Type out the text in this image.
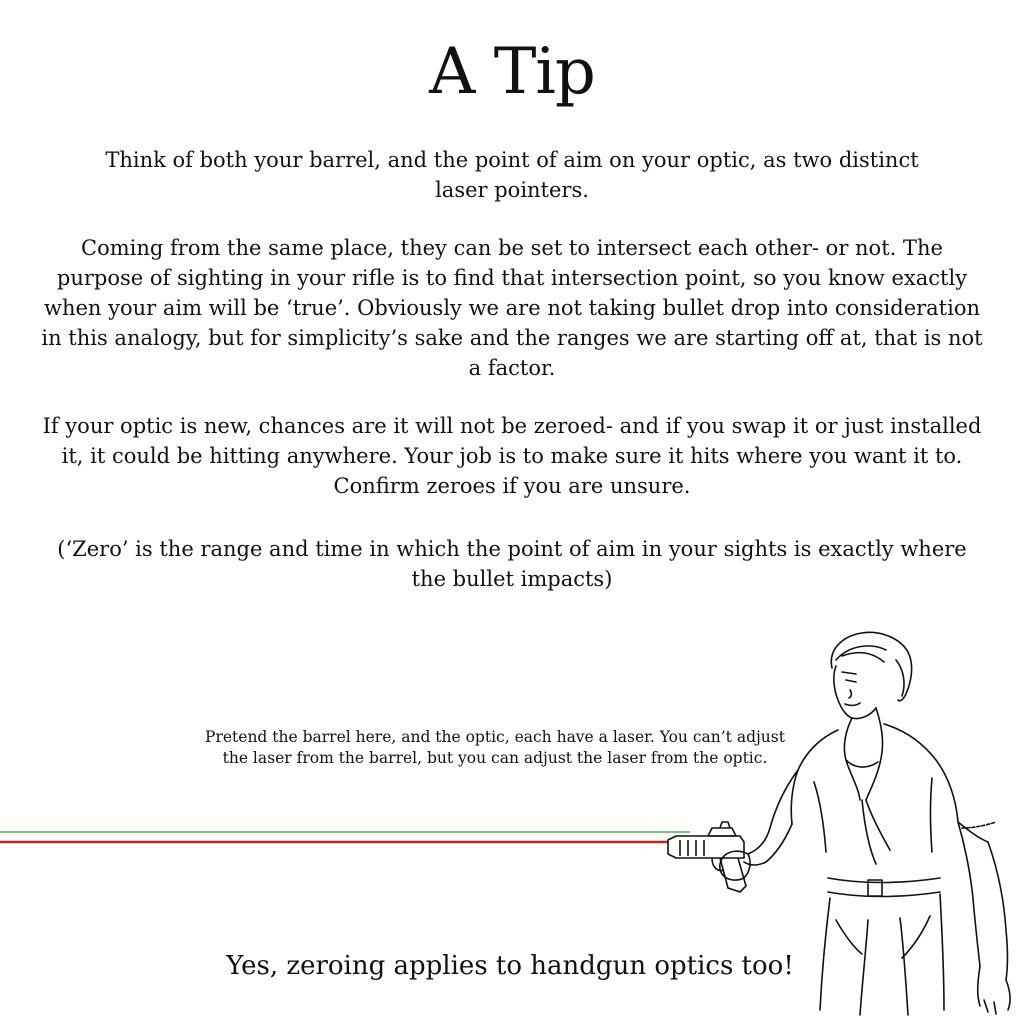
A Tip

Think of both your barrel, and the point of aim on your optic, as two distinct laser pointers.

Coming from the same place, they can be set to intersect each other- or not. The purpose of sighting in your rifle is to find that intersection point, so you know exactly when your aim will be ‘true’. Obviously we are not taking bullet drop into consideration in this analogy, but for simplicity’s sake and the ranges we are starting off at, that is not a factor.

If your optic is new, chances are it will not be zeroed- and if you swap it or just installed it, it could be hitting anywhere. Your job is to make sure it hits where you want it to. Confirm zeroes if you are unsure.

(‘Zero’ is the range and time in which the point of aim in your sights is exactly where the bullet impacts)

Pretend the barrel here, and the optic, each have a laser. You can’t adjust the laser from the barrel, but you can adjust the laser from the optic.

Yes, zeroing applies to handgun optics too!
